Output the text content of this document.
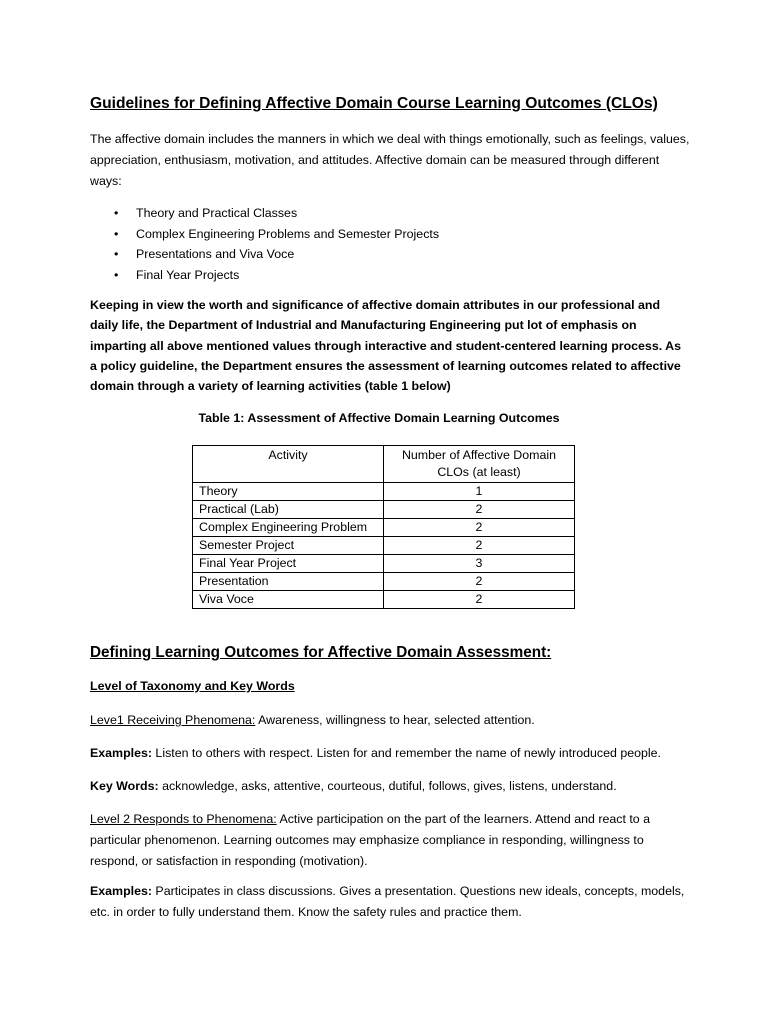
Guidelines for Defining Affective Domain Course Learning Outcomes (CLOs)

The affective domain includes the manners in which we deal with things emotionally, such as feelings, values, appreciation, enthusiasm, motivation, and attitudes. Affective domain can be measured through different ways:

• Theory and Practical Classes
• Complex Engineering Problems and Semester Projects
• Presentations and Viva Voce
• Final Year Projects

Keeping in view the worth and significance of affective domain attributes in our professional and daily life, the Department of Industrial and Manufacturing Engineering put lot of emphasis on imparting all above mentioned values through interactive and student-centered learning process. As a policy guideline, the Department ensures the assessment of learning outcomes related to affective domain through a variety of learning activities (table 1 below)

Table 1: Assessment of Affective Domain Learning Outcomes
Activity	Number of Affective Domain CLOs (at least)
Theory	1
Practical (Lab)	2
Complex Engineering Problem	2
Semester Project	2
Final Year Project	3
Presentation	2
Viva Voce	2
Defining Learning Outcomes for Affective Domain Assessment:
Level of Taxonomy and Key Words

Leve1 Receiving Phenomena: Awareness, willingness to hear, selected attention.

Examples: Listen to others with respect. Listen for and remember the name of newly introduced people.

Key Words: acknowledge, asks, attentive, courteous, dutiful, follows, gives, listens, understand.

Level 2 Responds to Phenomena: Active participation on the part of the learners. Attend and react to a particular phenomenon. Learning outcomes may emphasize compliance in responding, willingness to respond, or satisfaction in responding (motivation).

Examples: Participates in class discussions. Gives a presentation. Questions new ideals, concepts, models, etc. in order to fully understand them. Know the safety rules and practice them.
